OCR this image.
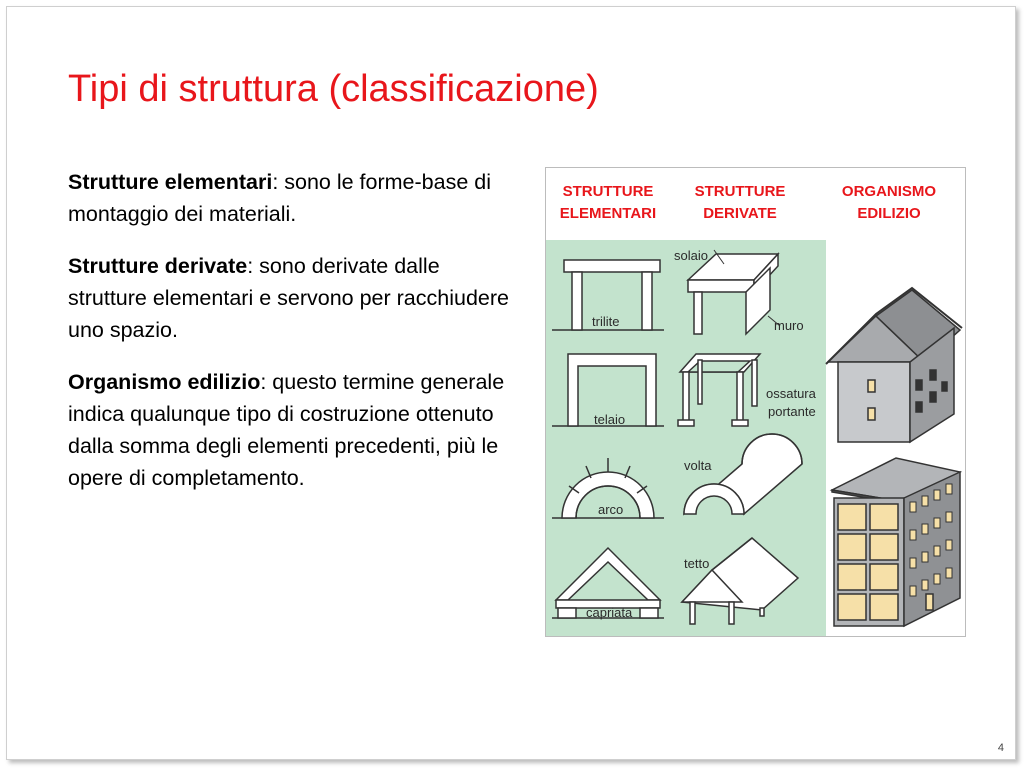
Tipi di struttura (classificazione)

Strutture elementari: sono le forme-base di montaggio dei materiali.

Strutture derivate: sono derivate dalle strutture elementari e servono per racchiudere uno spazio.

Organismo edilizio: questo termine generale indica qualunque tipo di costruzione ottenuto dalla somma degli elementi precedenti, più le opere di completamento.

STRUTTURE
ELEMENTARI
STRUTTURE
DERIVATE
ORGANISMO
EDILIZIO
trilite
telaio
arco
capriata
solaio
muro
ossatura
portante
volta
tetto
4
